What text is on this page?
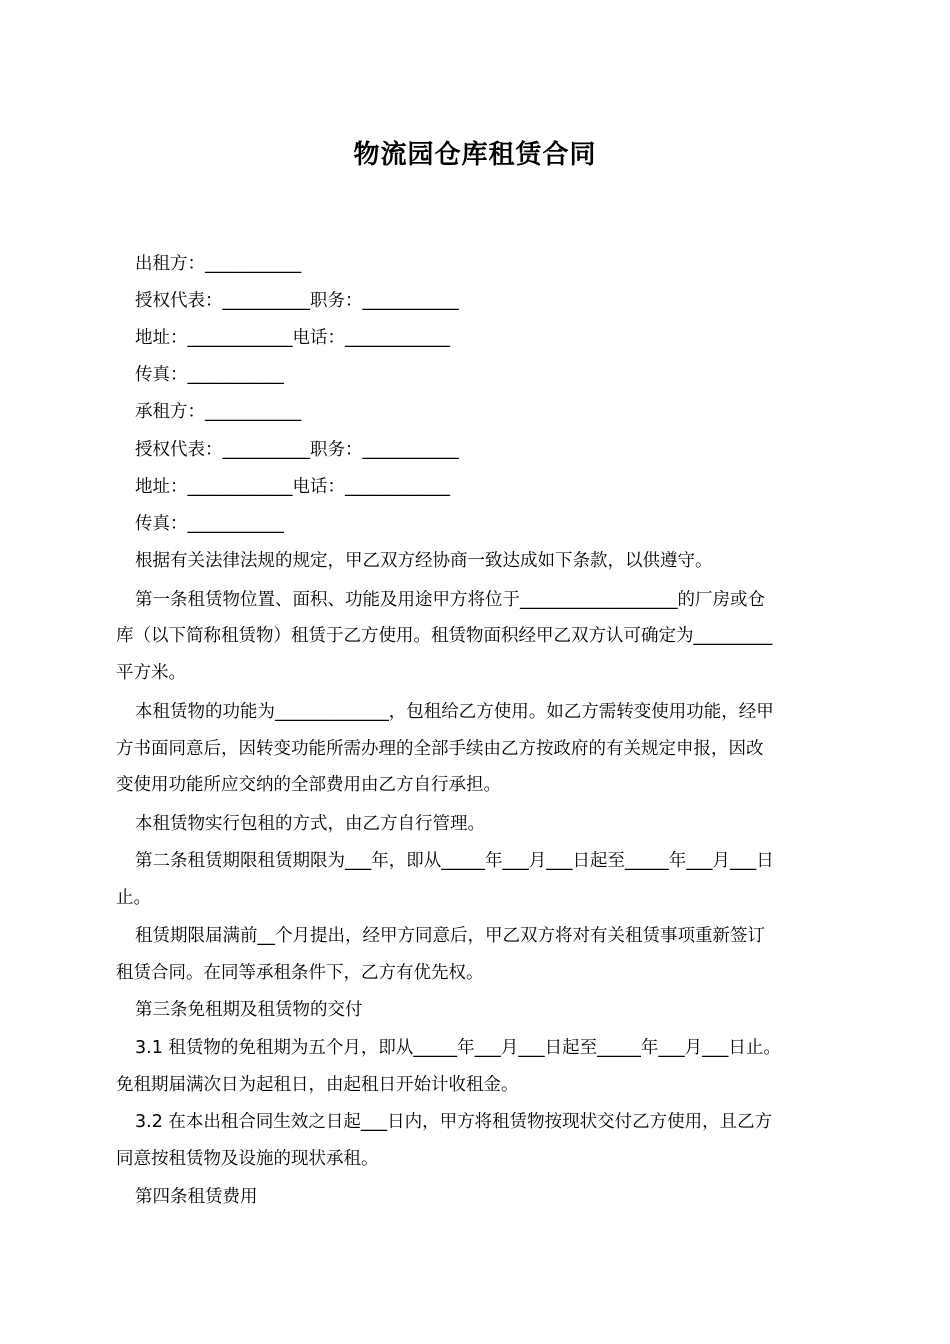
物流园仓库租赁合同
出租方：___________
授权代表：__________职务：___________
地址：____________电话：____________
传真：___________
承租方：___________
授权代表：__________职务：___________
地址：____________电话：____________
传真：___________
根据有关法律法规的规定，甲乙双方经协商一致达成如下条款，以供遵守。
第一条租赁物位置、面积、功能及用途甲方将位于__________________的厂房或仓
库（以下简称租赁物）租赁于乙方使用。租赁物面积经甲乙双方认可确定为_________
平方米。
本租赁物的功能为_____________，包租给乙方使用。如乙方需转变使用功能，经甲
方书面同意后，因转变功能所需办理的全部手续由乙方按政府的有关规定申报，因改
变使用功能所应交纳的全部费用由乙方自行承担。
本租赁物实行包租的方式，由乙方自行管理。
第二条租赁期限租赁期限为___年，即从_____年___月___日起至_____年___月___日
止。
租赁期限届满前__个月提出，经甲方同意后，甲乙双方将对有关租赁事项重新签订
租赁合同。在同等承租条件下，乙方有优先权。
第三条免租期及租赁物的交付
3.1 租赁物的免租期为五个月，即从_____年___月___日起至_____年___月___日止。
免租期届满次日为起租日，由起租日开始计收租金。
3.2 在本出租合同生效之日起___日内，甲方将租赁物按现状交付乙方使用，且乙方
同意按租赁物及设施的现状承租。
第四条租赁费用
